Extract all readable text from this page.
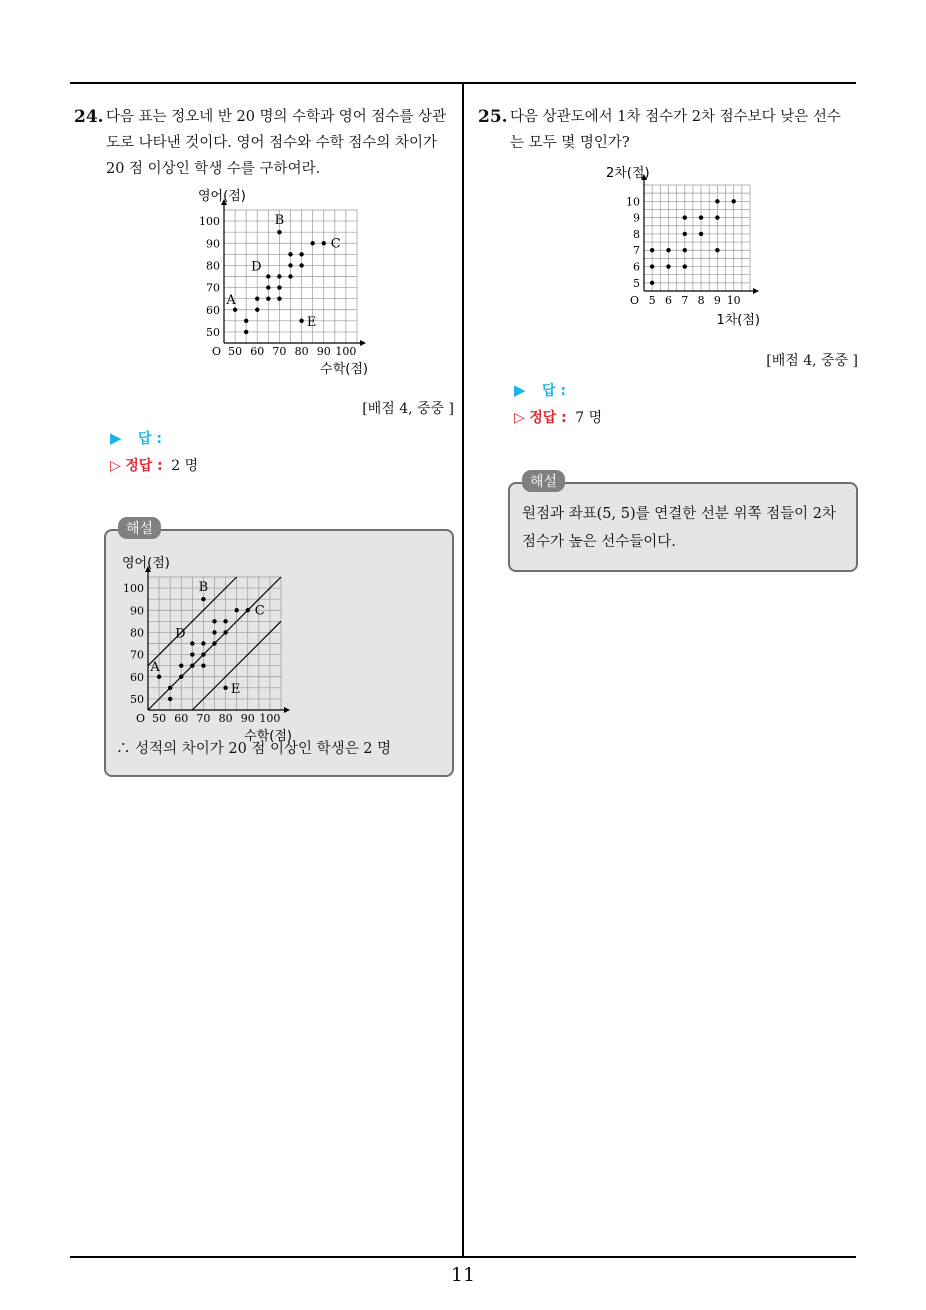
11
24. 다음 표는 정오네 반 20 명의 수학과 영어 점수를 상관
도로 나타낸 것이다. 영어 점수와 수학 점수의 차이가
20 점 이상인 학생 수를 구하여라.
50 60 70 80 90 100
50
60
70
80
90
100
O
영어(점)
수학(점)
A
B
C
D
E
[배점 4, 중중 ]
▶ 답 :
▷ 정답 : 2 명
50 60 70 80 90 100
50
60
70
80
90
100
O
영어(점)
수학(점)
A
B
C
D
E
∴ 성적의 차이가 20 점 이상인 학생은 2 명
해설
25. 다음 상관도에서 1차 점수가 2차 점수보다 낮은 선수
는 모두 몇 명인가?
5 6 7 8 9 10
5
6
7
8
9
10
O
2차(점)
1차(점)
[배점 4, 중중 ]
▶ 답 :
▷ 정답 : 7 명
원점과 좌표(5, 5)를 연결한 선분 위쪽 점들이 2차
점수가 높은 선수들이다.
해설
